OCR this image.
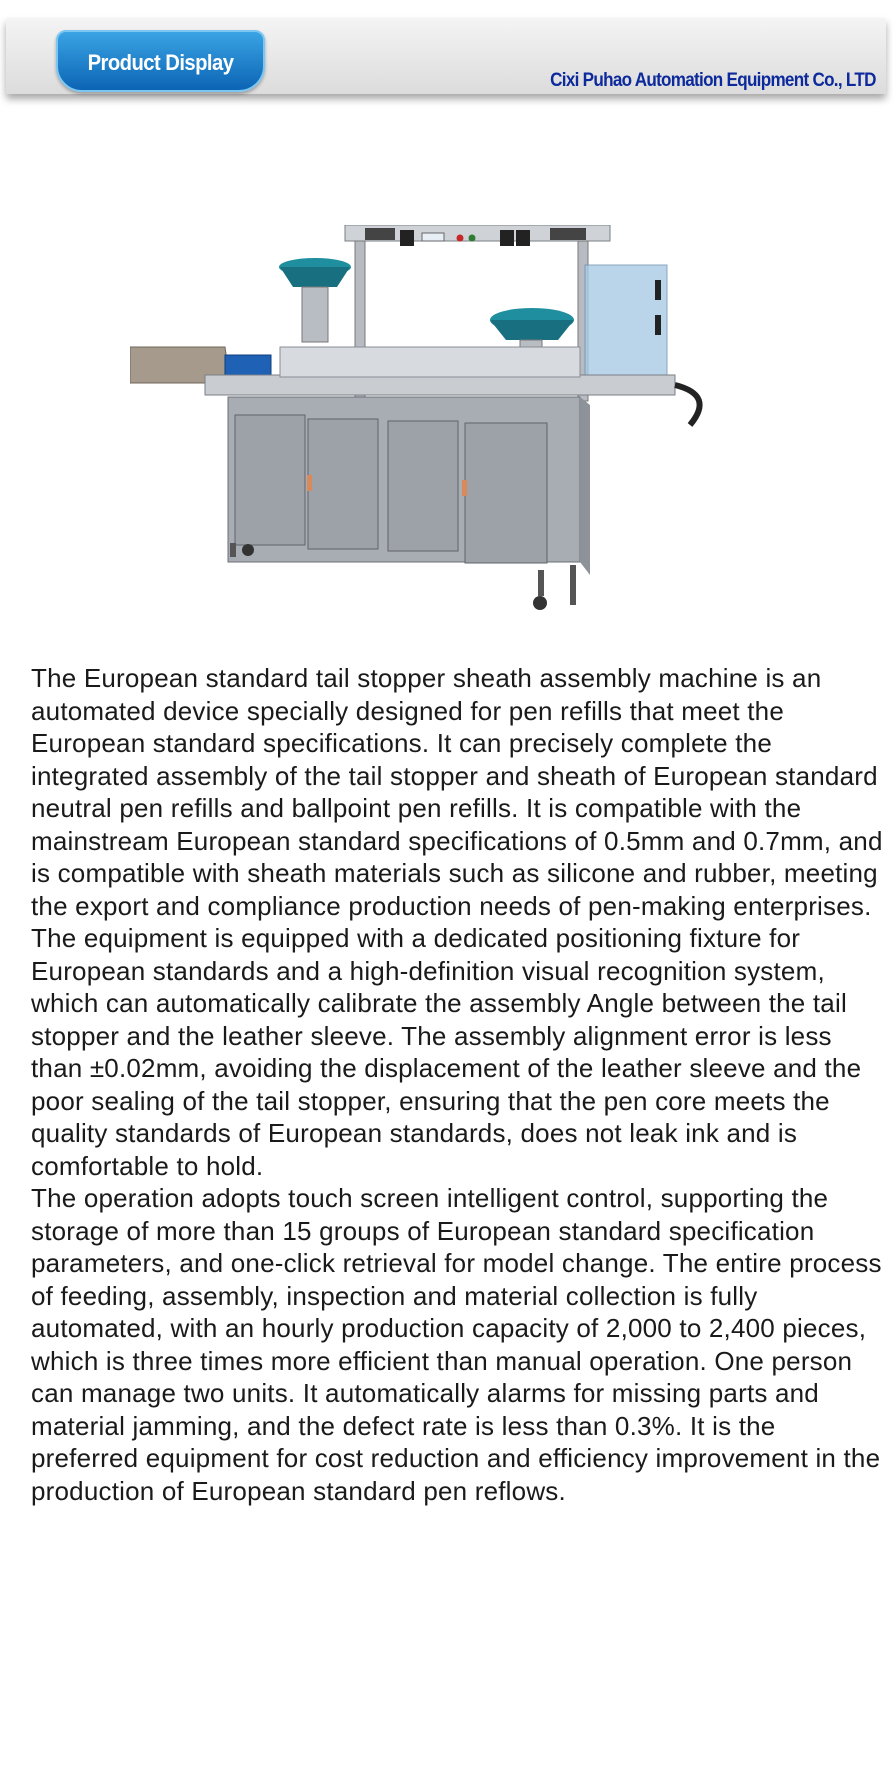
Product Display
Cixi Puhao Automation Equipment Co., LTD

The European standard tail stopper sheath assembly machine is an automated device specially designed for pen refills that meet the European standard specifications. It can precisely complete the integrated assembly of the tail stopper and sheath of European standard neutral pen refills and ballpoint pen refills. It is compatible with the mainstream European standard specifications of 0.5mm and 0.7mm, and is compatible with sheath materials such as silicone and rubber, meeting the export and compliance production needs of pen-making enterprises.

The equipment is equipped with a dedicated positioning fixture for European standards and a high-definition visual recognition system, which can automatically calibrate the assembly Angle between the tail stopper and the leather sleeve. The assembly alignment error is less than ±0.02mm, avoiding the displacement of the leather sleeve and the poor sealing of the tail stopper, ensuring that the pen core meets the quality standards of European standards, does not leak ink and is comfortable to hold.

The operation adopts touch screen intelligent control, supporting the storage of more than 15 groups of European standard specification parameters, and one-click retrieval for model change. The entire process of feeding, assembly, inspection and material collection is fully automated, with an hourly production capacity of 2,000 to 2,400 pieces, which is three times more efficient than manual operation. One person can manage two units. It automatically alarms for missing parts and material jamming, and the defect rate is less than 0.3%. It is the preferred equipment for cost reduction and efficiency improvement in the production of European standard pen reflows.
